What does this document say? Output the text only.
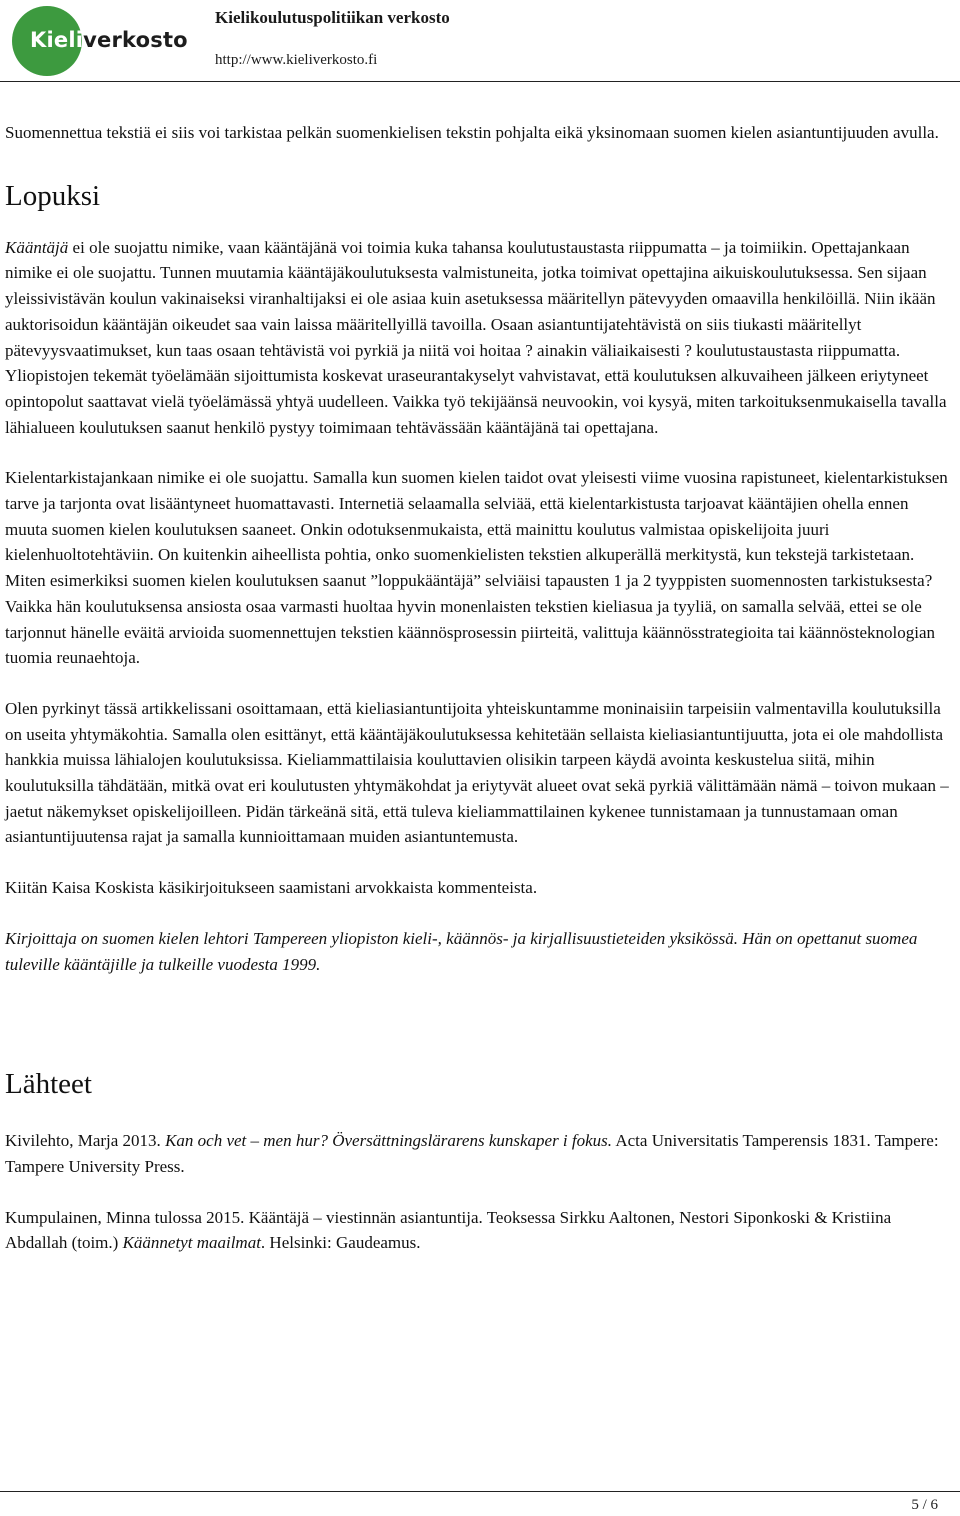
Kieliverkosto
Kielikoulutuspolitiikan verkosto
http://www.kieliverkosto.fi

Suomennettua tekstiä ei siis voi tarkistaa pelkän suomenkielisen tekstin pohjalta eikä yksinomaan suomen kielen asiantuntijuuden avulla.

Lopuksi

Kääntäjä ei ole suojattu nimike, vaan kääntäjänä voi toimia kuka tahansa koulutustaustasta riippumatta – ja toimiikin. Opettajankaan nimike ei ole suojattu. Tunnen muutamia kääntäjäkoulutuksesta valmistuneita, jotka toimivat opettajina aikuiskoulutuksessa. Sen sijaan yleissivistävän koulun vakinaiseksi viranhaltijaksi ei ole asiaa kuin asetuksessa määritellyn pätevyyden omaavilla henkilöillä. Niin ikään auktorisoidun kääntäjän oikeudet saa vain laissa määritellyillä tavoilla. Osaan asiantuntijatehtävistä on siis tiukasti määritellyt pätevyysvaatimukset, kun taas osaan tehtävistä voi pyrkiä ja niitä voi hoitaa ? ainakin väliaikaisesti ? koulutustaustasta riippumatta. Yliopistojen tekemät työelämään sijoittumista koskevat uraseurantakyselyt vahvistavat, että koulutuksen alkuvaiheen jälkeen eriytyneet opintopolut saattavat vielä työelämässä yhtyä uudelleen. Vaikka työ tekijäänsä neuvookin, voi kysyä, miten tarkoituksenmukaisella tavalla lähialueen koulutuksen saanut henkilö pystyy toimimaan tehtävässään kääntäjänä tai opettajana.

Kielentarkistajankaan nimike ei ole suojattu. Samalla kun suomen kielen taidot ovat yleisesti viime vuosina rapistuneet, kielentarkistuksen tarve ja tarjonta ovat lisääntyneet huomattavasti. Internetiä selaamalla selviää, että kielentarkistusta tarjoavat kääntäjien ohella ennen muuta suomen kielen koulutuksen saaneet. Onkin odotuksenmukaista, että mainittu koulutus valmistaa opiskelijoita juuri kielenhuoltotehtäviin. On kuitenkin aiheellista pohtia, onko suomenkielisten tekstien alkuperällä merkitystä, kun tekstejä tarkistetaan. Miten esimerkiksi suomen kielen koulutuksen saanut ”loppukääntäjä” selviäisi tapausten 1 ja 2 tyyppisten suomennosten tarkistuksesta? Vaikka hän koulutuksensa ansiosta osaa varmasti huoltaa hyvin monenlaisten tekstien kieliasua ja tyyliä, on samalla selvää, ettei se ole tarjonnut hänelle eväitä arvioida suomennettujen tekstien käännösprosessin piirteitä, valittuja käännösstrategioita tai käännösteknologian tuomia reunaehtoja.

Olen pyrkinyt tässä artikkelissani osoittamaan, että kieliasiantuntijoita yhteiskuntamme moninaisiin tarpeisiin valmentavilla koulutuksilla on useita yhtymäkohtia. Samalla olen esittänyt, että kääntäjäkoulutuksessa kehitetään sellaista kieliasiantuntijuutta, jota ei ole mahdollista hankkia muissa lähialojen koulutuksissa. Kieliammattilaisia kouluttavien olisikin tarpeen käydä avointa keskustelua siitä, mihin koulutuksilla tähdätään, mitkä ovat eri koulutusten yhtymäkohdat ja eriytyvät alueet ovat sekä pyrkiä välittämään nämä – toivon mukaan – jaetut näkemykset opiskelijoilleen. Pidän tärkeänä sitä, että tuleva kieliammattilainen kykenee tunnistamaan ja tunnustamaan oman asiantuntijuutensa rajat ja samalla kunnioittamaan muiden asiantuntemusta.

Kiitän Kaisa Koskista käsikirjoitukseen saamistani arvokkaista kommenteista.

Kirjoittaja on suomen kielen lehtori Tampereen yliopiston kieli-, käännös- ja kirjallisuustieteiden yksikössä. Hän on opettanut suomea tuleville kääntäjille ja tulkeille vuodesta 1999.

Lähteet

Kivilehto, Marja 2013. Kan och vet – men hur? Översättningslärarens kunskaper i fokus. Acta Universitatis Tamperensis 1831. Tampere: Tampere University Press.

Kumpulainen, Minna tulossa 2015. Kääntäjä – viestinnän asiantuntija. Teoksessa Sirkku Aaltonen, Nestori Siponkoski & Kristiina Abdallah (toim.) Käännetyt maailmat. Helsinki: Gaudeamus.

5 / 6
